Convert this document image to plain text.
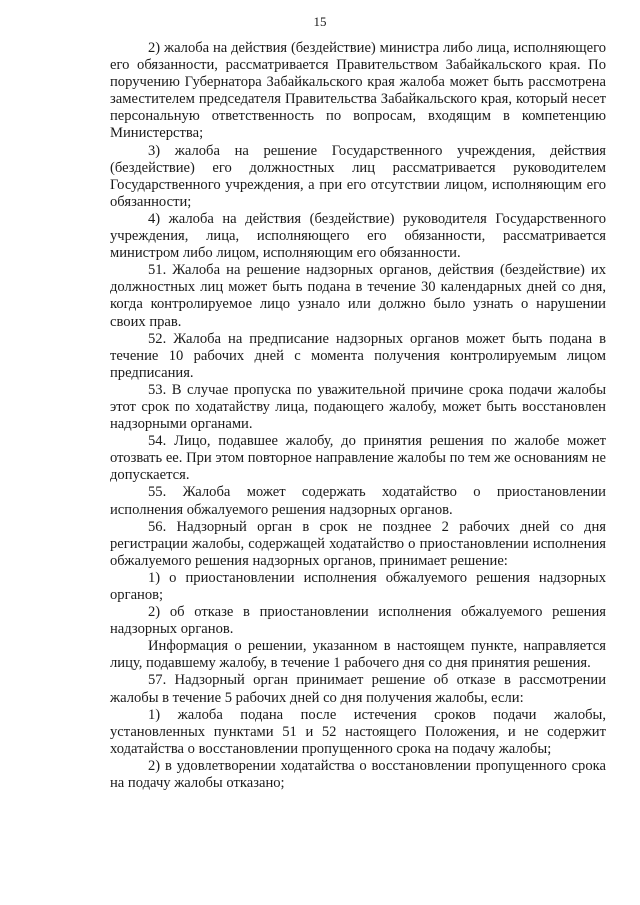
15

2) жалоба на действия (бездействие) министра либо лица, исполняющего его обязанности, рассматривается Правительством Забайкальского края. По поручению Губернатора Забайкальского края жалоба может быть рассмотрена заместителем председателя Правительства Забайкальского края, который несет персональную ответственность по вопросам, входящим в компетенцию Министерства;

3) жалоба на решение Государственного учреждения, действия (бездействие) его должностных лиц рассматривается руководителем Государственного учреждения, а при его отсутствии лицом, исполняющим его обязанности;

4) жалоба на действия (бездействие) руководителя Государственного учреждения, лица, исполняющего его обязанности, рассматривается министром либо лицом, исполняющим его обязанности.

51. Жалоба на решение надзорных органов, действия (бездействие) их должностных лиц может быть подана в течение 30 календарных дней со дня, когда контролируемое лицо узнало или должно было узнать о нарушении своих прав.

52. Жалоба на предписание надзорных органов может быть подана в течение 10 рабочих дней с момента получения контролируемым лицом предписания.

53. В случае пропуска по уважительной причине срока подачи жалобы этот срок по ходатайству лица, подающего жалобу, может быть восстановлен надзорными органами.

54. Лицо, подавшее жалобу, до принятия решения по жалобе может отозвать ее. При этом повторное направление жалобы по тем же основаниям не допускается.

55. Жалоба может содержать ходатайство о приостановлении исполнения обжалуемого решения надзорных органов.

56. Надзорный орган в срок не позднее 2 рабочих дней со дня регистрации жалобы, содержащей ходатайство о приостановлении исполнения обжалуемого решения надзорных органов, принимает решение:

1) о приостановлении исполнения обжалуемого решения надзорных органов;

2) об отказе в приостановлении исполнения обжалуемого решения надзорных органов.

Информация о решении, указанном в настоящем пункте, направляется лицу, подавшему жалобу, в течение 1 рабочего дня со дня принятия решения.

57. Надзорный орган принимает решение об отказе в рассмотрении жалобы в течение 5 рабочих дней со дня получения жалобы, если:

1) жалоба подана после истечения сроков подачи жалобы, установленных пунктами 51 и 52 настоящего Положения, и не содержит ходатайства о восстановлении пропущенного срока на подачу жалобы;

2) в удовлетворении ходатайства о восстановлении пропущенного срока на подачу жалобы отказано;
